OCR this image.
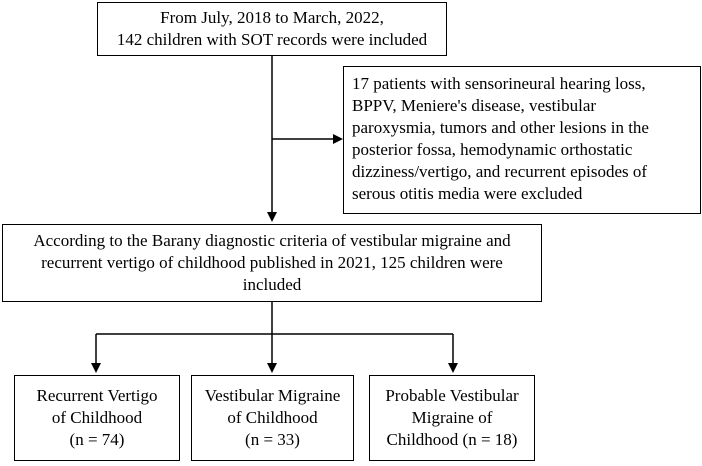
From July, 2018 to March, 2022,
142 children with SOT records were included
17 patients with sensorineural hearing loss,
BPPV, Meniere's disease, vestibular
paroxysmia, tumors and other lesions in the
posterior fossa, hemodynamic orthostatic
dizziness/vertigo, and recurrent episodes of
serous otitis media were excluded
According to the Barany diagnostic criteria of vestibular migraine and
recurrent vertigo of childhood published in 2021, 125 children were
included
Recurrent Vertigo
of Childhood
(n = 74)
Vestibular Migraine
of Childhood
(n = 33)
Probable Vestibular
Migraine of
Childhood (n = 18)
